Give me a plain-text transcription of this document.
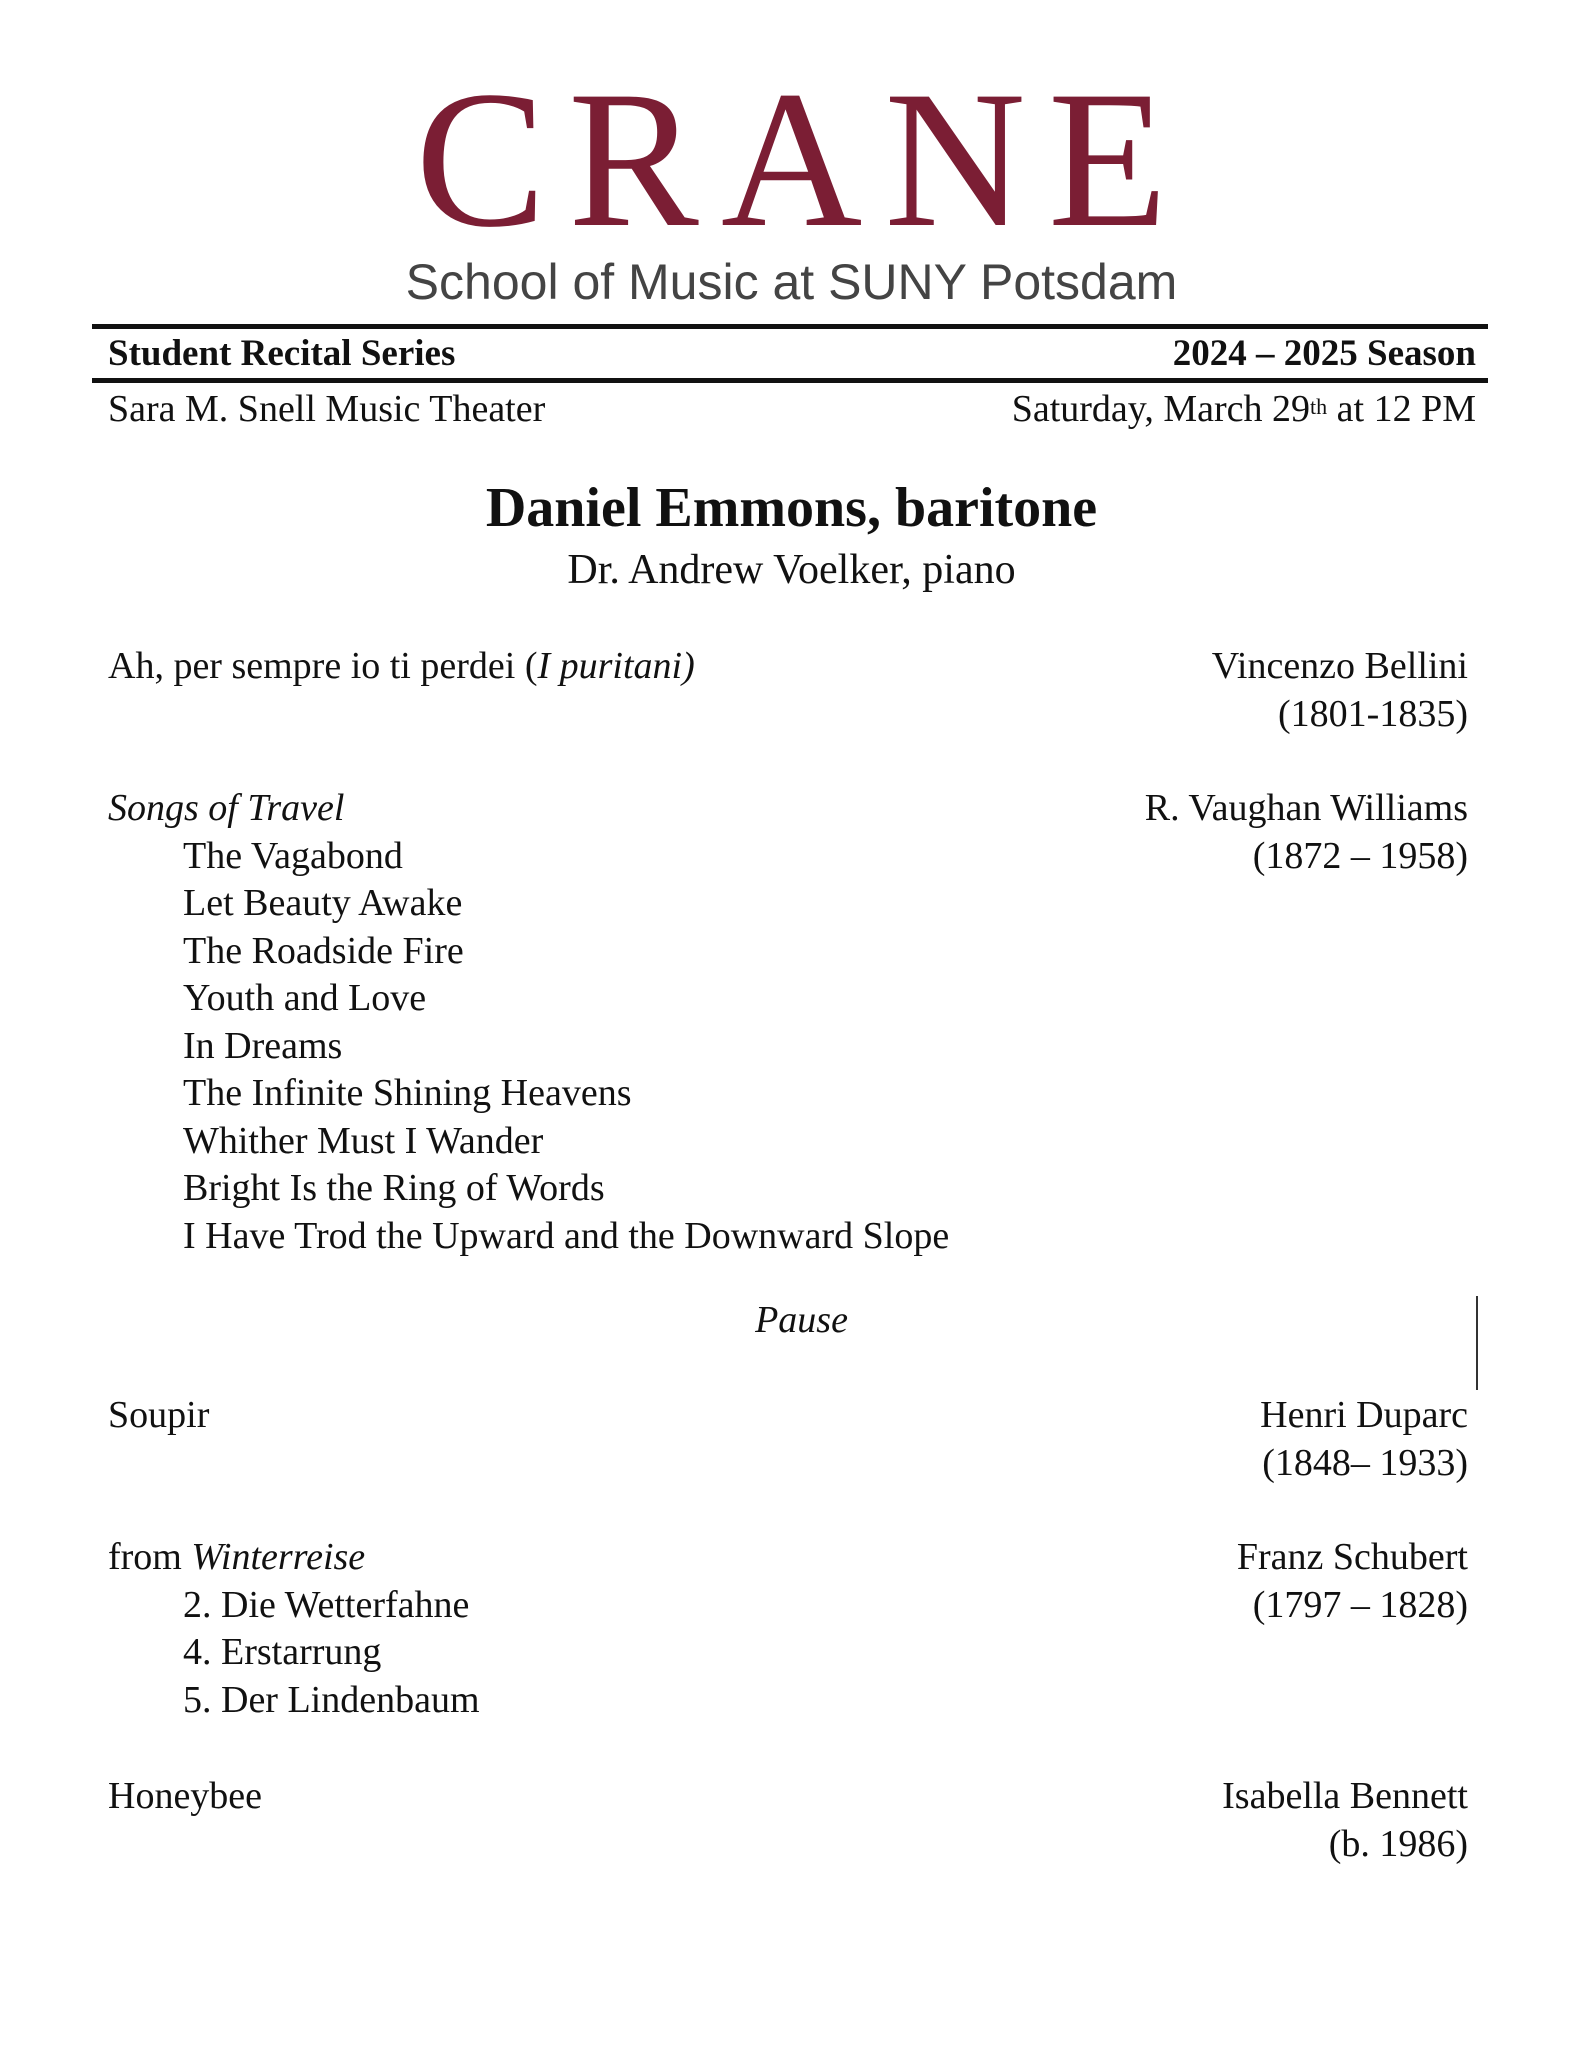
CRANE
School of Music at SUNY Potsdam
Student Recital Series	2024 – 2025 Season
Sara M. Snell Music Theater	Saturday, March 29th at 12 PM
Daniel Emmons, baritone
Dr. Andrew Voelker, piano
Ah, per sempre io ti perdei (I puritani)	Vincenzo Bellini
(1801-1835)
Songs of Travel	R. Vaughan Williams
(1872 – 1958)
The Vagabond
Let Beauty Awake
The Roadside Fire
Youth and Love
In Dreams
The Infinite Shining Heavens
Whither Must I Wander
Bright Is the Ring of Words
I Have Trod the Upward and the Downward Slope
Soupir	Henri Duparc
(1848– 1933)
from Winterreise	Franz Schubert
(1797 – 1828)
2. Die Wetterfahne
4. Erstarrung
5. Der Lindenbaum
Honeybee	Isabella Bennett
(b. 1986)
Pause
